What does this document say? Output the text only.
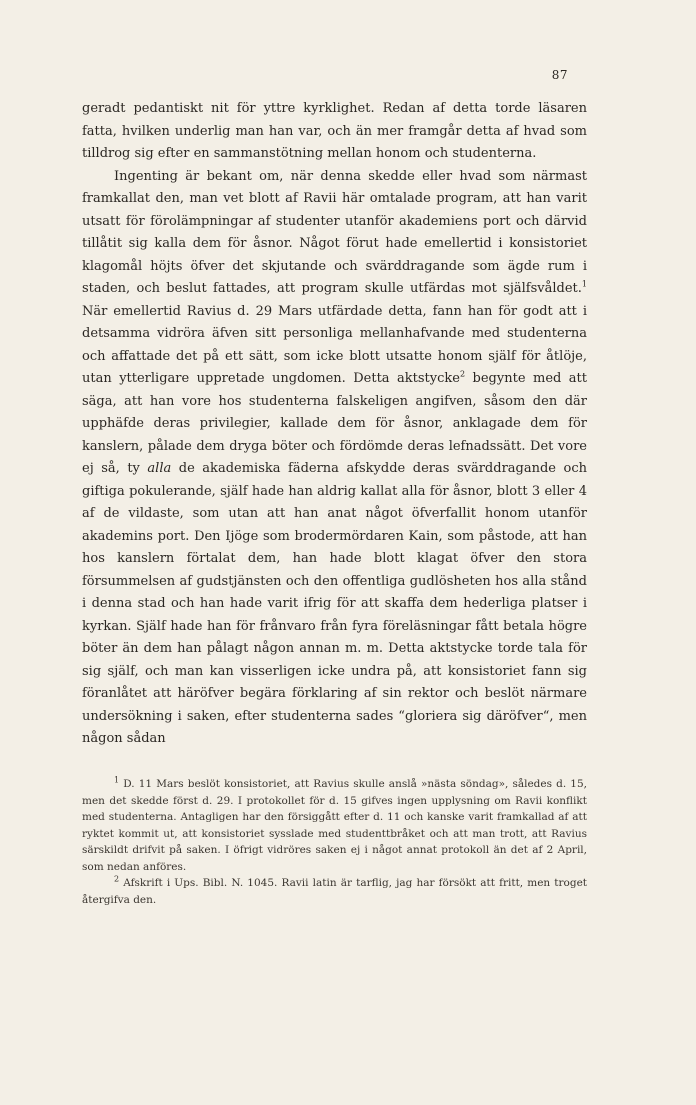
87

geradt pedantiskt nit för yttre kyrklighet. Redan af detta torde läsaren fatta, hvilken underlig man han var, och än mer framgår detta af hvad som tilldrog sig efter en sammanstötning mellan honom och studenterna.

Ingenting är bekant om, när denna skedde eller hvad som närmast framkallat den, man vet blott af Ravii här omtalade program, att han varit utsatt för förolämpningar af studenter utanför akademiens port och därvid tillåtit sig kalla dem för åsnor. Något förut hade emellertid i konsistoriet klagomål höjts öfver det skjutande och svärddragande som ägde rum i staden, och beslut fattades, att program skulle utfärdas mot själfsvåldet.$^1$ När emellertid Ravius d. 29 Mars utfärdade detta, fann han för godt att i detsamma vidröra äfven sitt personliga mellanhafvande med studenterna och affattade det på ett sätt, som icke blott utsatte honom själf för åtlöje, utan ytterligare uppretade ungdomen. Detta aktstycke$^2$ begynte med att säga, att han vore hos studenterna falskeligen angifven, såsom den där upphäfde deras privilegier, kallade dem för åsnor, anklagade dem för kanslern, pålade dem dryga böter och fördömde deras lefnadssätt. Det vore ej så, ty alla de akademiska fäderna afskydde deras svärddragande och giftiga pokulerande, själf hade han aldrig kallat alla för åsnor, blott 3 eller 4 af de vildaste, som utan att han anat något öfverfallit honom utanför akademins port. Den Ijöge som brodermördaren Kain, som påstode, att han hos kanslern förtalat dem, han hade blott klagat öfver den stora försummelsen af gudstjänsten och den offentliga gudlösheten hos alla stånd i denna stad och han hade varit ifrig för att skaffa dem hederliga platser i kyrkan. Själf hade han för frånvaro från fyra föreläsningar fått betala högre böter än dem han pålagt någon annan m. m. Detta aktstycke torde tala för sig själf, och man kan visserligen icke undra på, att konsistoriet fann sig föranlåtet att häröfver begära förklaring af sin rektor och beslöt närmare undersökning i saken, efter studenterna sades “gloriera sig däröfver“, men någon sådan

$^1$ D. 11 Mars beslöt konsistoriet, att Ravius skulle anslå »nästa söndag», således d. 15, men det skedde först d. 29. I protokollet för d. 15 gifves ingen upplysning om Ravii konflikt med studenterna. Antagligen har den försiggått efter d. 11 och kanske varit framkallad af att ryktet kommit ut, att konsistoriet sysslade med studenttbråket och att man trott, att Ravius särskildt drifvit på saken. I öfrigt vidröres saken ej i något annat protokoll än det af 2 April, som nedan anföres.

$^2$ Afskrift i Ups. Bibl. N. 1045. Ravii latin är tarflig, jag har försökt att fritt, men troget återgifva den.
